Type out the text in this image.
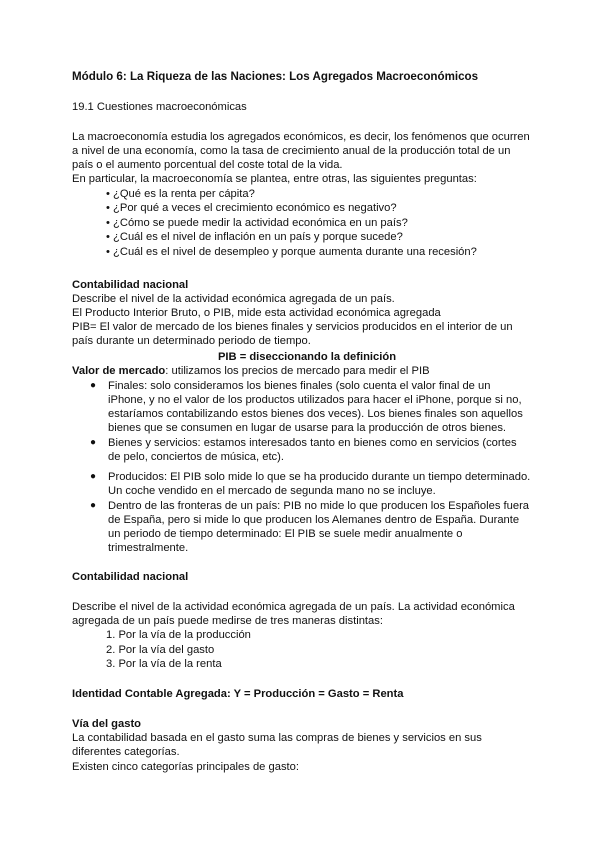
Módulo 6: La Riqueza de las Naciones: Los Agregados Macroeconómicos
19.1 Cuestiones macroeconómicas
La macroeconomía estudia los agregados económicos, es decir, los fenómenos que ocurren
a nivel de una economía, como la tasa de crecimiento anual de la producción total de un
país o el aumento porcentual del coste total de la vida.
En particular, la macroeconomía se plantea, entre otras, las siguientes preguntas:
• ¿Qué es la renta per cápita?
• ¿Por qué a veces el crecimiento económico es negativo?
• ¿Cómo se puede medir la actividad económica en un país?
• ¿Cuál es el nivel de inflación en un país y porque sucede?
• ¿Cuál es el nivel de desempleo y porque aumenta durante una recesión?
Contabilidad nacional
Describe el nivel de la actividad económica agregada de un país.
El Producto Interior Bruto, o PIB, mide esta actividad económica agregada
PIB= El valor de mercado de los bienes finales y servicios producidos en el interior de un
país durante un determinado periodo de tiempo.
PIB = diseccionando la definición
Valor de mercado: utilizamos los precios de mercado para medir el PIB
● Finales: solo consideramos los bienes finales (solo cuenta el valor final de un
iPhone, y no el valor de los productos utilizados para hacer el iPhone, porque si no,
estaríamos contabilizando estos bienes dos veces). Los bienes finales son aquellos
bienes que se consumen en lugar de usarse para la producción de otros bienes.
● Bienes y servicios: estamos interesados tanto en bienes como en servicios (cortes
de pelo, conciertos de música, etc).
● Producidos: El PIB solo mide lo que se ha producido durante un tiempo determinado.
Un coche vendido en el mercado de segunda mano no se incluye.
● Dentro de las fronteras de un país: PIB no mide lo que producen los Españoles fuera
de España, pero si mide lo que producen los Alemanes dentro de España. Durante
un periodo de tiempo determinado: El PIB se suele medir anualmente o
trimestralmente.
Contabilidad nacional
Describe el nivel de la actividad económica agregada de un país. La actividad económica
agregada de un país puede medirse de tres maneras distintas:
1. Por la vía de la producción
2. Por la vía del gasto
3. Por la vía de la renta
Identidad Contable Agregada: Y = Producción = Gasto = Renta
Vía del gasto
La contabilidad basada en el gasto suma las compras de bienes y servicios en sus
diferentes categorías.
Existen cinco categorías principales de gasto:
